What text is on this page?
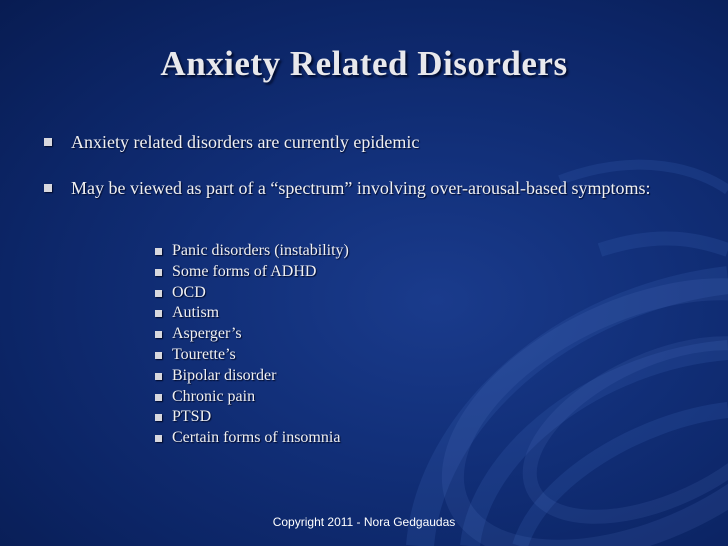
Anxiety Related Disorders
Anxiety related disorders are currently epidemic
May be viewed as part of a “spectrum” involving over-arousal-based symptoms:
Panic disorders (instability)
Some forms of ADHD
OCD
Autism
Asperger’s
Tourette’s
Bipolar disorder
Chronic pain
PTSD
Certain forms of insomnia
Copyright 2011 - Nora Gedgaudas
